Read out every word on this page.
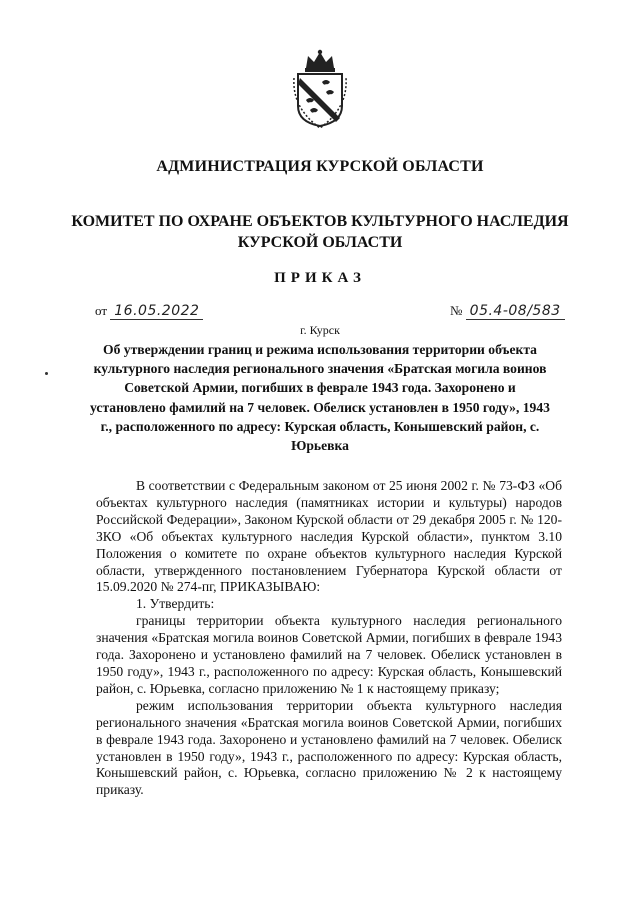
АДМИНИСТРАЦИЯ КУРСКОЙ ОБЛАСТИ
КОМИТЕТ ПО ОХРАНЕ ОБЪЕКТОВ КУЛЬТУРНОГО НАСЛЕДИЯ КУРСКОЙ ОБЛАСТИ
ПРИКАЗ
от 16.05.2022	№ 05.4-08/583
г. Курск
Об утверждении границ и режима использования территории объекта культурного наследия регионального значения «Братская могила воинов Советской Армии, погибших в феврале 1943 года. Захоронено и установлено фамилий на 7 человек. Обелиск установлен в 1950 году», 1943 г., расположенного по адресу: Курская область, Конышевский район, с. Юрьевка

В соответствии с Федеральным законом от 25 июня 2002 г. № 73-ФЗ «Об объектах культурного наследия (памятниках истории и культуры) народов Российской Федерации», Законом Курской области от 29 декабря 2005 г. № 120-ЗКО «Об объектах культурного наследия Курской области», пунктом 3.10 Положения о комитете по охране объектов культурного наследия Курской области, утвержденного постановлением Губернатора Курской области от 15.09.2020 № 274-пг, ПРИКАЗЫВАЮ:

1. Утвердить:

границы территории объекта культурного наследия регионального значения «Братская могила воинов Советской Армии, погибших в феврале 1943 года. Захоронено и установлено фамилий на 7 человек. Обелиск установлен в 1950 году», 1943 г., расположенного по адресу: Курская область, Конышевский район, с. Юрьевка, согласно приложению № 1 к настоящему приказу;

режим использования территории объекта культурного наследия регионального значения «Братская могила воинов Советской Армии, погибших в феврале 1943 года. Захоронено и установлено фамилий на 7 человек. Обелиск установлен в 1950 году», 1943 г., расположенного по адресу: Курская область, Конышевский район, с. Юрьевка, согласно приложению № 2 к настоящему приказу.
